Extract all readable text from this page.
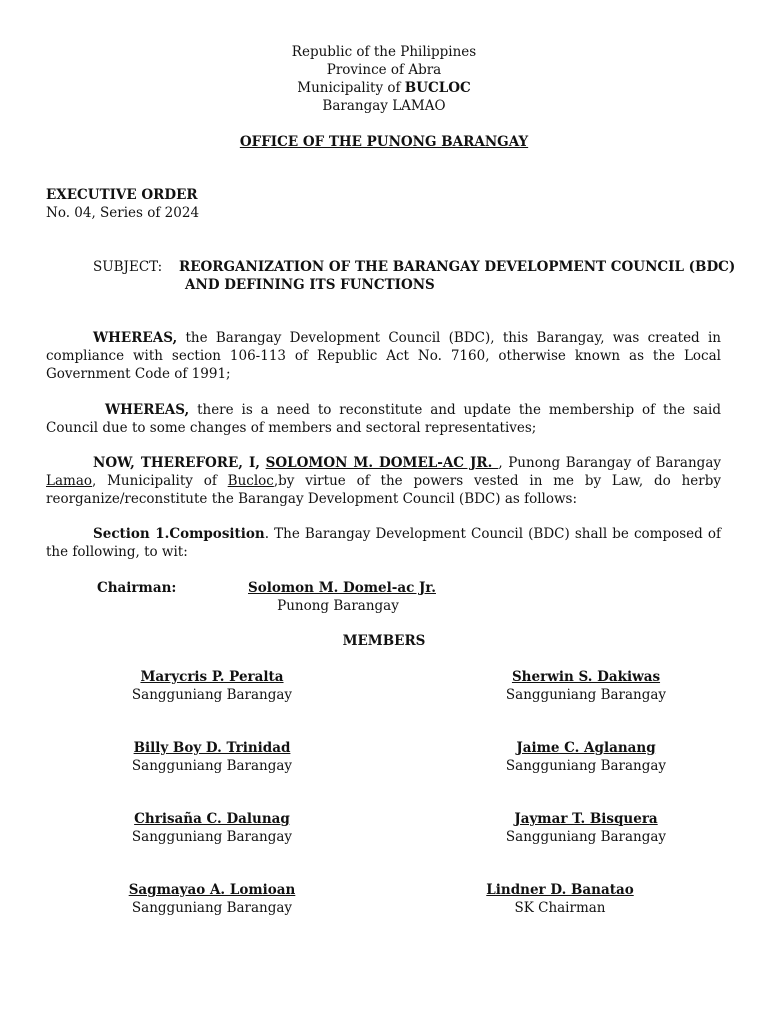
Republic of the Philippines
Province of Abra
Municipality of BUCLOC
Barangay LAMAO
OFFICE OF THE PUNONG BARANGAY
EXECUTIVE ORDER
No. 04, Series of 2024
SUBJECT: REORGANIZATION OF THE BARANGAY DEVELOPMENT COUNCIL (BDC)
AND DEFINING ITS FUNCTIONS
WHEREAS, the Barangay Development Council (BDC), this Barangay, was created in compliance with section 106-113 of Republic Act No. 7160, otherwise known as the Local Government Code of 1991;
WHEREAS, there is a need to reconstitute and update the membership of the said Council due to some changes of members and sectoral representatives;
NOW, THEREFORE, I, SOLOMON M. DOMEL-AC JR. , Punong Barangay of Barangay Lamao, Municipality of Bucloc,by virtue of the powers vested in me by Law, do herby reorganize/reconstitute the Barangay Development Council (BDC) as follows:
Section 1.Composition. The Barangay Development Council (BDC) shall be composed of the following, to wit:
Chairman:	Solomon M. Domel-ac Jr.
Punong Barangay
MEMBERS
Marycris P. Peralta
Sangguniang Barangay
Sherwin S. Dakiwas
Sangguniang Barangay
Billy Boy D. Trinidad
Sangguniang Barangay
Jaime C. Aglanang
Sangguniang Barangay
Chrisaña C. Dalunag
Sangguniang Barangay
Jaymar T. Bisquera
Sangguniang Barangay
Sagmayao A. Lomioan
Sangguniang Barangay
Lindner D. Banatao
SK Chairman
